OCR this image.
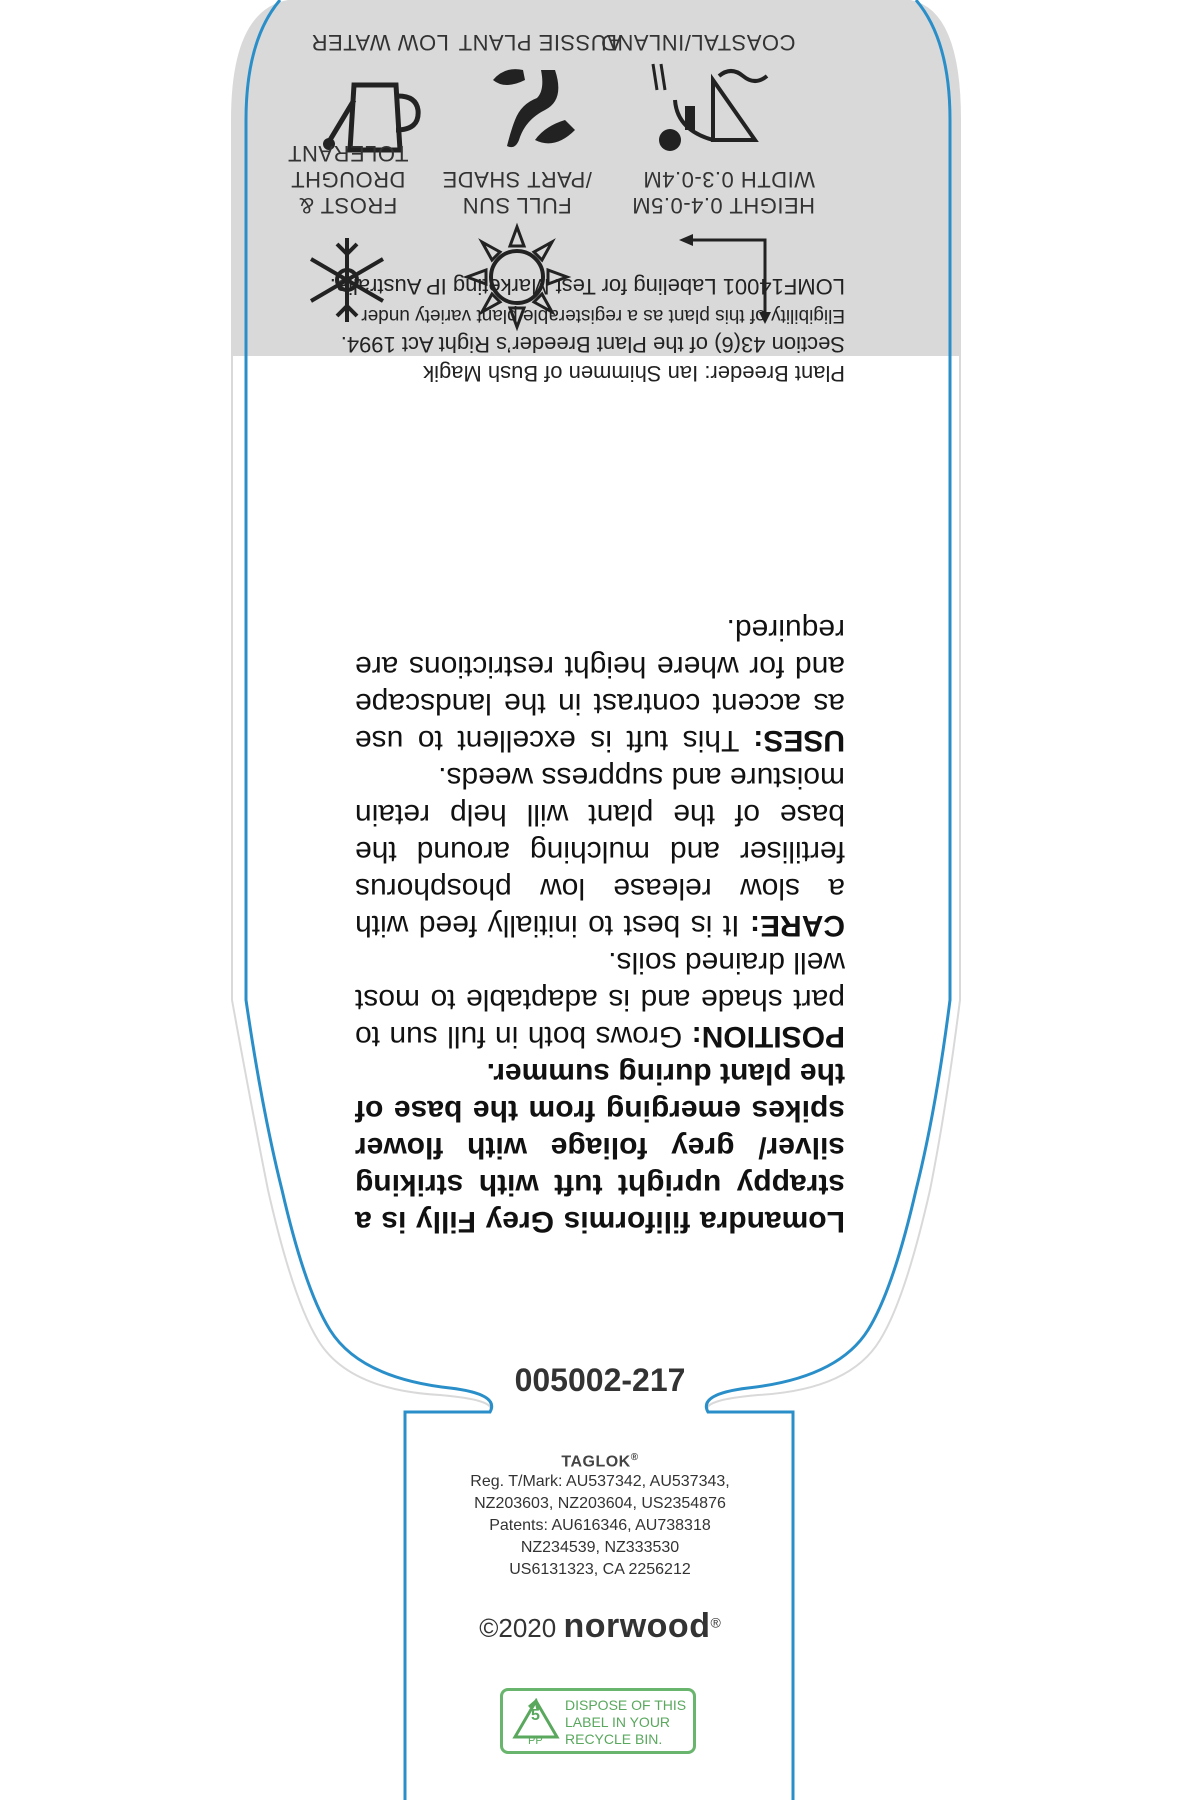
COASTAL/INLAND
AUSSIE PLANT
LOW WATER
HEIGHT 0.4-0.5M
WIDTH 0.3-0.4M
FULL SUN
/PART SHADE
FROST &
DROUGHT TOLERANT
Plant Breeder: Ian Shimmen of Bush Magik
Section 43(6) of the Plant Breeder’s Right Act 1994.
Eligibility of this plant as a registerable plant variety under
LOMF14001 Labeling for Test Marketing IP Australia.

Lomandra filiformis Grey Filly is a strappy upright tuft with striking silver/ grey foliage with flower spikes emerging from the base of the plant during summer.

POSITION: Grows both in full sun to part shade and is adaptable to most well drained soils.

CARE: It is best to initially feed with a slow release low phosphorus fertiliser and mulching around the base of the plant will help retain moisture and suppress weeds.

USES: This tuft is excellent to use as accent contrast in the landscape and for where height restrictions are required.

005002-217
TAGLOK®
Reg. T/Mark: AU537342, AU537343,
NZ203603, NZ203604, US2354876
Patents: AU616346, AU738318
NZ234539, NZ333530
US6131323, CA 2256212
©2020 norwood®
5
PP
DISPOSE OF THIS
LABEL IN YOUR
RECYCLE BIN.
